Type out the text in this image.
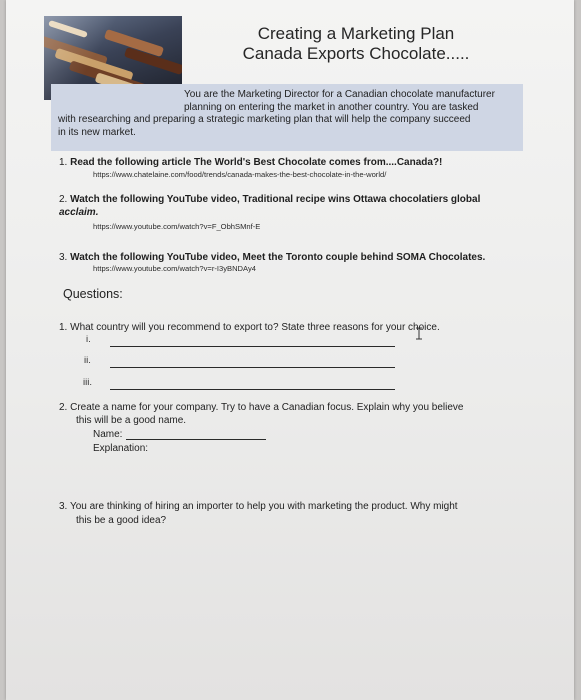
Creating a Marketing Plan
Canada Exports Chocolate.....
You are the Marketing Director for a Canadian chocolate manufacturer
planning on entering the market in another country. You are tasked
with researching and preparing a strategic marketing plan that will help the company succeed
in its new market.
1. Read the following article The World's Best Chocolate comes from....Canada?!
https://www.chatelaine.com/food/trends/canada-makes-the-best-chocolate-in-the-world/
2. Watch the following YouTube video, Traditional recipe wins Ottawa chocolatiers global
acclaim.
https://www.youtube.com/watch?v=F_ObhSMnf-E
3. Watch the following YouTube video, Meet the Toronto couple behind SOMA Chocolates.
https://www.youtube.com/watch?v=r-I3yBNDAy4
Questions:
1. What country will you recommend to export to? State three reasons for your choice.
i.
ii.
iii.
2. Create a name for your company. Try to have a Canadian focus. Explain why you believe
this will be a good name.
Name:
Explanation:
3. You are thinking of hiring an importer to help you with marketing the product. Why might
this be a good idea?
